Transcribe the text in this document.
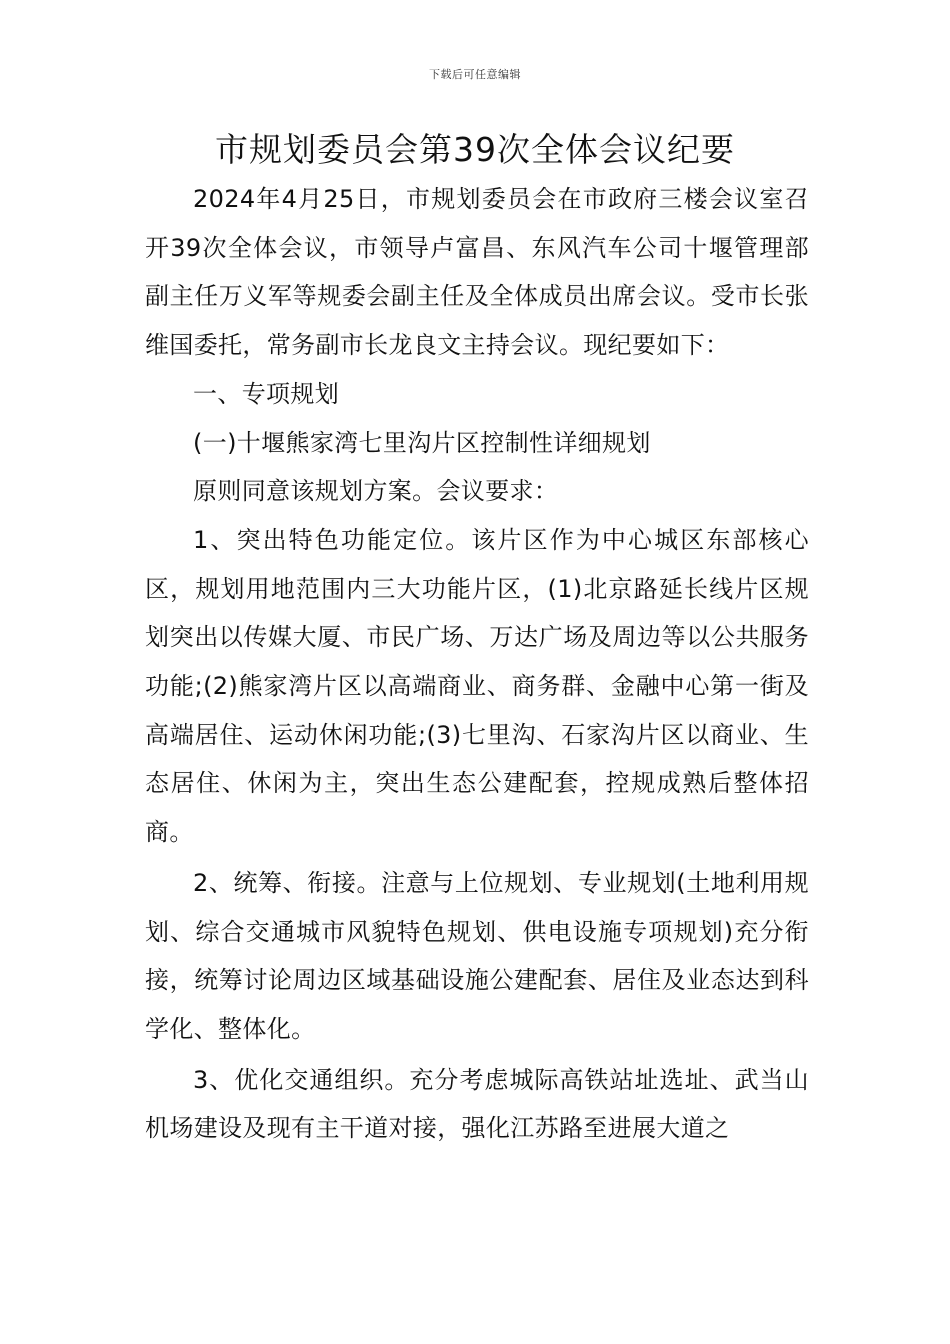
下载后可任意编辑
市规划委员会第39次全体会议纪要

2024年4月25日，市规划委员会在市政府三楼会议室召开39次全体会议，市领导卢富昌、东风汽车公司十堰管理部副主任万义军等规委会副主任及全体成员出席会议。受市长张维国委托，常务副市长龙良文主持会议。现纪要如下：

一、专项规划

(一)十堰熊家湾七里沟片区控制性详细规划

原则同意该规划方案。会议要求：

1、突出特色功能定位。该片区作为中心城区东部核心区，规划用地范围内三大功能片区，(1)北京路延长线片区规划突出以传媒大厦、市民广场、万达广场及周边等以公共服务功能;(2)熊家湾片区以高端商业、商务群、金融中心第一街及高端居住、运动休闲功能;(3)七里沟、石家沟片区以商业、生态居住、休闲为主，突出生态公建配套，控规成熟后整体招商。

2、统筹、衔接。注意与上位规划、专业规划(土地利用规划、综合交通城市风貌特色规划、供电设施专项规划)充分衔接，统筹讨论周边区域基础设施公建配套、居住及业态达到科学化、整体化。

3、优化交通组织。充分考虑城际高铁站址选址、武当山机场建设及现有主干道对接，强化江苏路至进展大道之
